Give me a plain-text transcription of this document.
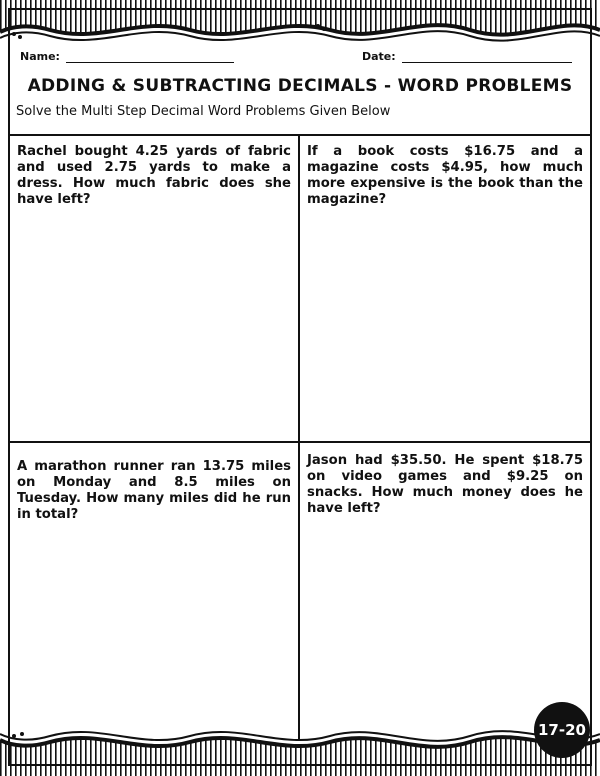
Name:	Date:
ADDING & SUBTRACTING DECIMALS - WORD PROBLEMS
Solve the Multi Step Decimal Word Problems Given Below
Rachel bought 4.25 yards of fabric and used 2.75 yards to make a dress. How much fabric does she have left?
If a book costs $16.75 and a magazine costs $4.95, how much more expensive is the book than the magazine?
A marathon runner ran 13.75 miles on Monday and 8.5 miles on Tuesday. How many miles did he run in total?
Jason had $35.50. He spent $18.75 on video games and $9.25 on snacks. How much money does he have left?
17-20
